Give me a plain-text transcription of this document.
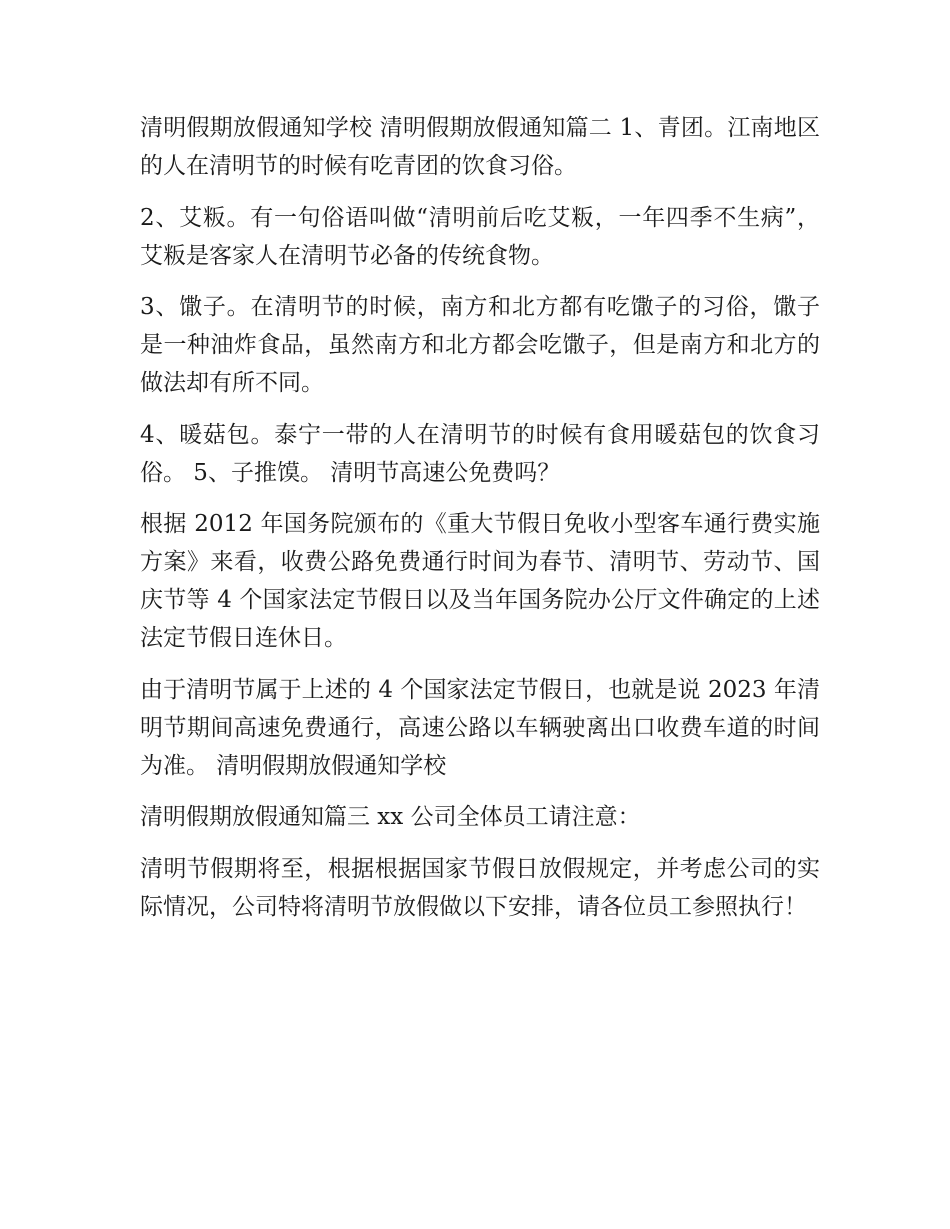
清明假期放假通知学校 清明假期放假通知篇二 1、青团。江南地区的人在清明节的时候有吃青团的饮食习俗。

2、艾粄。有一句俗语叫做“清明前后吃艾粄，一年四季不生病”，艾粄是客家人在清明节必备的传统食物。

3、馓子。在清明节的时候，南方和北方都有吃馓子的习俗，馓子是一种油炸食品，虽然南方和北方都会吃馓子，但是南方和北方的做法却有所不同。

4、暖菇包。泰宁一带的人在清明节的时候有食用暖菇包的饮食习俗。 5、子推馍。 清明节高速公免费吗？

根据 2012 年国务院颁布的《重大节假日免收小型客车通行费实施方案》来看，收费公路免费通行时间为春节、清明节、劳动节、国庆节等 4 个国家法定节假日以及当年国务院办公厅文件确定的上述法定节假日连休日。

由于清明节属于上述的 4 个国家法定节假日，也就是说 2023 年清明节期间高速免费通行，高速公路以车辆驶离出口收费车道的时间为准。 清明假期放假通知学校

清明假期放假通知篇三 xx 公司全体员工请注意：

清明节假期将至，根据根据国家节假日放假规定，并考虑公司的实际情况，公司特将清明节放假做以下安排，请各位员工参照执行！
